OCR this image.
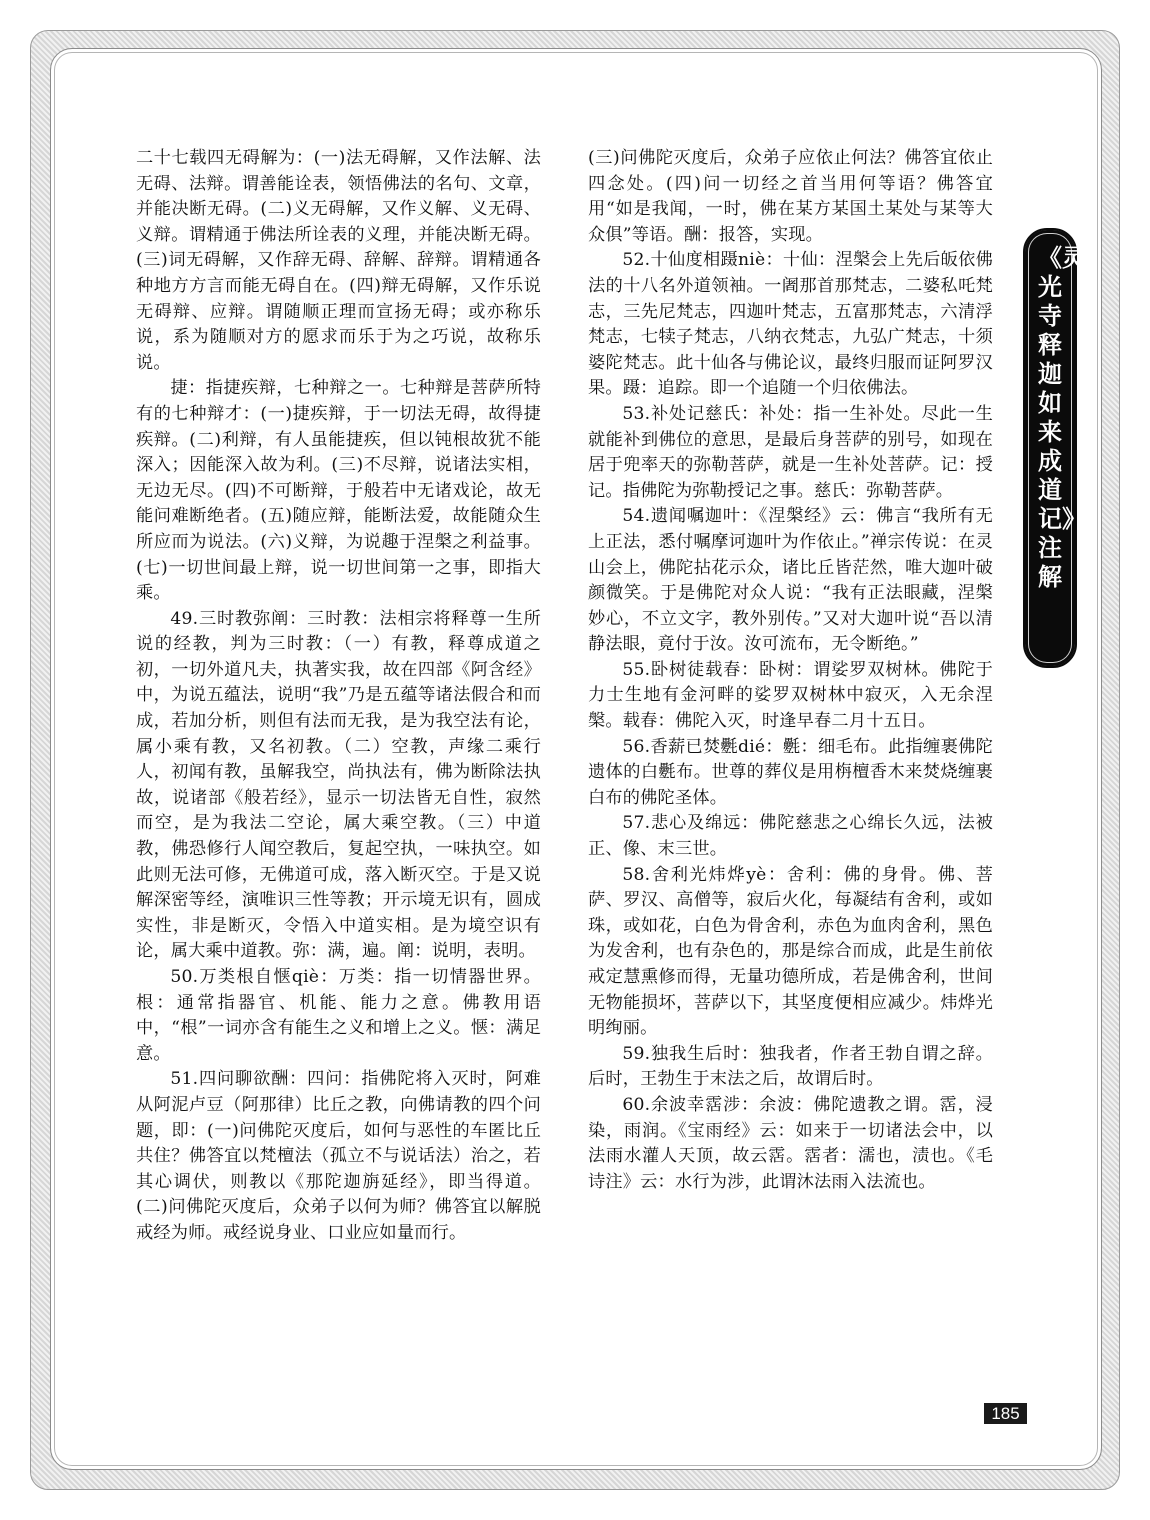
二十七载四无碍解为：(一)法无碍解，又作法解、法无碍、法辩。谓善能诠表，领悟佛法的名句、文章，并能决断无碍。(二)义无碍解，又作义解、义无碍、义辩。谓精通于佛法所诠表的义理，并能决断无碍。(三)词无碍解，又作辞无碍、辞解、辞辩。谓精通各种地方方言而能无碍自在。(四)辩无碍解，又作乐说无碍辩、应辩。谓随顺正理而宣扬无碍；或亦称乐说，系为随顺对方的愿求而乐于为之巧说，故称乐说。

捷：指捷疾辩，七种辩之一。七种辩是菩萨所特有的七种辩才：(一)捷疾辩，于一切法无碍，故得捷疾辩。(二)利辩，有人虽能捷疾，但以钝根故犹不能深入；因能深入故为利。(三)不尽辩，说诸法实相，无边无尽。(四)不可断辩，于般若中无诸戏论，故无能问难断绝者。(五)随应辩，能断法爱，故能随众生所应而为说法。(六)义辩，为说趣于涅槃之利益事。(七)一切世间最上辩，说一切世间第一之事，即指大乘。

49.三时教弥阐：三时教：法相宗将释尊一生所说的经教，判为三时教：（一）有教，释尊成道之初，一切外道凡夫，执著实我，故在四部《阿含经》中，为说五蕴法，说明“我”乃是五蕴等诸法假合和而成，若加分析，则但有法而无我，是为我空法有论，属小乘有教，又名初教。（二）空教，声缘二乘行人，初闻有教，虽解我空，尚执法有，佛为断除法执故，说诸部《般若经》，显示一切法皆无自性，寂然而空，是为我法二空论，属大乘空教。（三）中道教，佛恐修行人闻空教后，复起空执，一味执空。如此则无法可修，无佛道可成，落入断灭空。于是又说解深密等经，演唯识三性等教；开示境无识有，圆成实性，非是断灭，令悟入中道实相。是为境空识有论，属大乘中道教。弥：满，遍。阐：说明，表明。

50.万类根自惬qiè：万类：指一切情器世界。根：通常指器官、机能、能力之意。佛教用语中，“根”一词亦含有能生之义和增上之义。惬：满足意。

51.四问聊欲酬：四问：指佛陀将入灭时，阿难从阿泥卢豆（阿那律）比丘之教，向佛请教的四个问题，即：(一)问佛陀灭度后，如何与恶性的车匿比丘共住？佛答宜以梵檀法（孤立不与说话法）治之，若其心调伏，则教以《那陀迦旃延经》，即当得道。(二)问佛陀灭度后，众弟子以何为师？佛答宜以解脱戒经为师。戒经说身业、口业应如量而行。

(三)问佛陀灭度后，众弟子应依止何法？佛答宜依止四念处。(四)问一切经之首当用何等语？佛答宜用“如是我闻，一时，佛在某方某国土某处与某等大众俱”等语。酬：报答，实现。

52.十仙度相蹑niè：十仙：涅槃会上先后皈依佛法的十八名外道领袖。一阇那首那梵志，二婆私吒梵志，三先尼梵志，四迦叶梵志，五富那梵志，六清浮梵志，七犊子梵志，八纳衣梵志，九弘广梵志，十须婆陀梵志。此十仙各与佛论议，最终归服而证阿罗汉果。蹑：追踪。即一个追随一个归依佛法。

53.补处记慈氏：补处：指一生补处。尽此一生就能补到佛位的意思，是最后身菩萨的别号，如现在居于兜率天的弥勒菩萨，就是一生补处菩萨。记：授记。指佛陀为弥勒授记之事。慈氏：弥勒菩萨。

54.遗闻嘱迦叶：《涅槃经》云：佛言“我所有无上正法，悉付嘱摩诃迦叶为作依止。”禅宗传说：在灵山会上，佛陀拈花示众，诸比丘皆茫然，唯大迦叶破颜微笑。于是佛陀对众人说：“我有正法眼藏，涅槃妙心，不立文字，教外别传。”又对大迦叶说“吾以清静法眼，竟付于汝。汝可流布，无令断绝。”

55.卧树徒载春：卧树：谓娑罗双树林。佛陀于力士生地有金河畔的娑罗双树林中寂灭，入无余涅槃。载春：佛陀入灭，时逢早春二月十五日。

56.香薪已焚氎dié：氎：细毛布。此指缠裹佛陀遗体的白氎布。世尊的葬仪是用栴檀香木来焚烧缠裹白布的佛陀圣体。

57.悲心及绵远：佛陀慈悲之心绵长久远，法被正、像、末三世。

58.舍利光炜烨yè：舍利：佛的身骨。佛、菩萨、罗汉、高僧等，寂后火化，每凝结有舍利，或如珠，或如花，白色为骨舍利，赤色为血肉舍利，黑色为发舍利，也有杂色的，那是综合而成，此是生前依戒定慧熏修而得，无量功德所成，若是佛舍利，世间无物能损坏，菩萨以下，其坚度便相应减少。炜烨光明绚丽。

59.独我生后时：独我者，作者王勃自谓之辞。后时，王勃生于末法之后，故谓后时。

60.余波幸霑涉：余波：佛陀遗教之谓。霑，浸染，雨润。《宝雨经》云：如来于一切诸法会中，以法雨水灌人天顶，故云霑。霑者：濡也，渍也。《毛诗注》云：水行为涉，此谓沐法雨入法流也。

《灵光寺释迦如来成道记》注解
185
